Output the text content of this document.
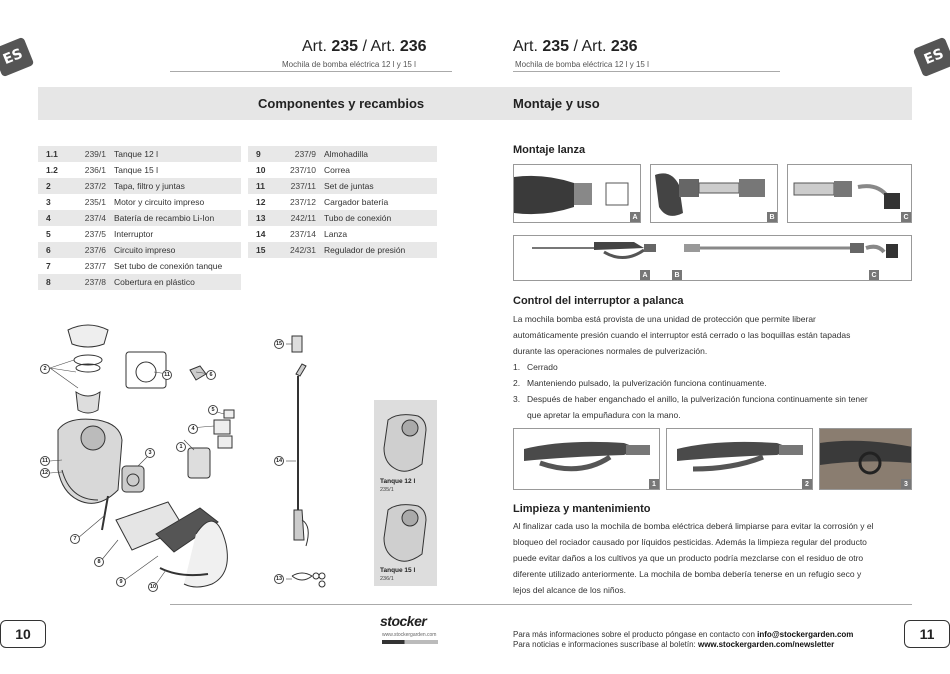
ES	ES
Art. 235 / Art. 236
Mochila de bomba eléctrica 12 l y 15 l
Art. 235 / Art. 236
Mochila de bomba eléctrica 12 l y 15 l
Componentes y recambios	Montaje y uso
1.1	239/1 Tanque 12 l
1.2	236/1 Tanque 15 l
2	237/2 Tapa, filtro y juntas
3	235/1 Motor y circuito impreso
4	237/4 Batería de recambio Li-Ion
5	237/5 Interruptor
6	237/6 Circuito impreso
7	237/7 Set tubo de conexión tanque
8	237/8 Cobertura en plástico
9	237/9 Almohadilla
10	237/10 Correa
11	237/11 Set de juntas
12	237/12 Cargador batería
13	242/11 Tubo de conexión
14	237/14 Lanza
15	242/31 Regulador de presión
2
11	6
5
4
3
11
12
1
7
8
9
10
15
14
13
Tanque 12 l
235/1
Tanque 15 l
236/1
Montaje lanza
A	B	C
A	B	C
Control del interruptor a palanca
La mochila bomba está provista de una unidad de protección que permite liberar
automáticamente presión cuando el interruptor está cerrado o las boquillas están tapadas
durante las operaciones normales de pulverización.
1. Cerrado
2. Manteniendo pulsado, la pulverización funciona continuamente.
3. Después de haber enganchado el anillo, la pulverización funciona continuamente sin tener
que apretar la empuñadura con la mano.
1	2	3
Limpieza y mantenimiento
Al finalizar cada uso la mochila de bomba eléctrica deberá limpiarse para evitar la corrosión y el
bloqueo del rociador causado por líquidos pesticidas. Además la limpieza regular del producto
puede evitar daños a los cultivos ya que un producto podría mezclarse con el residuo de otro
diferente utilizado anteriormente. La mochila de bomba debería tenerse en un refugio seco y
lejos del alcance de los niños.
10	11
stocker
www.stockergarden.com	Para más informaciones sobre el producto póngase en contacto con info@stockergarden.com
Para noticias e informaciones suscríbase al boletín: www.stockergarden.com/newsletter
